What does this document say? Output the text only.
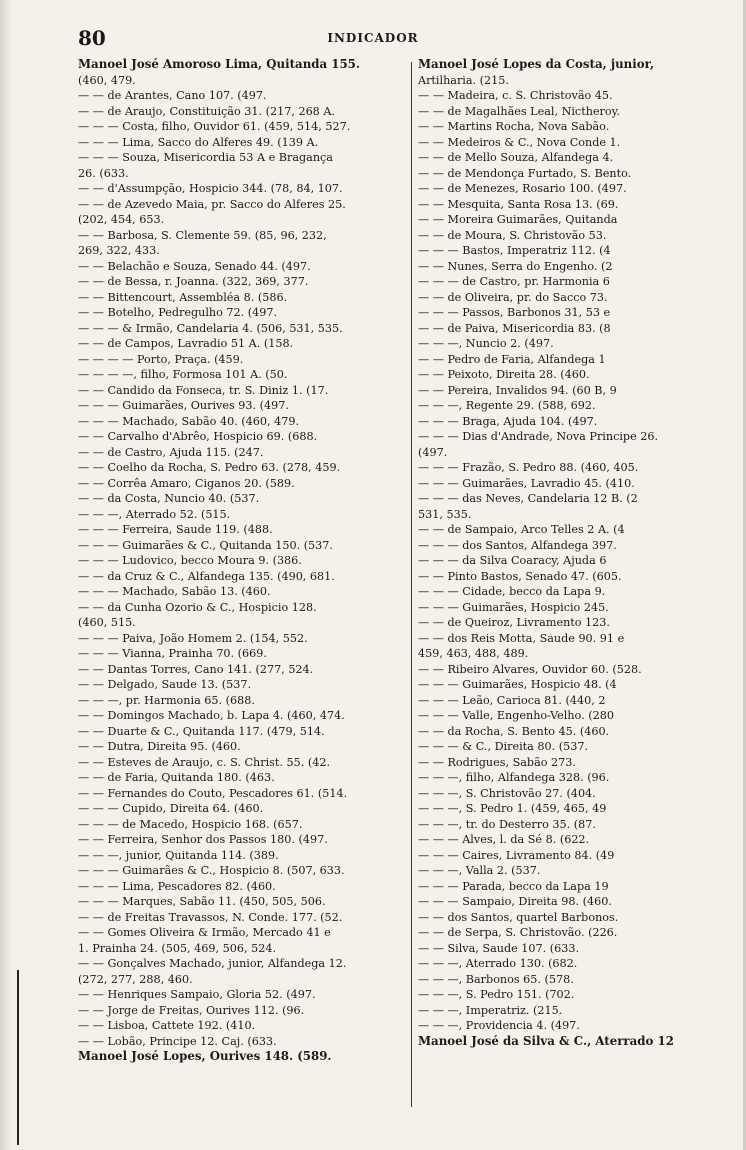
80	INDICADOR
Manoel José Amoroso Lima, Quitanda 155.
(460, 479.
— — de Arantes, Cano 107. (497.
— — de Araujo, Constituição 31. (217, 268 A.
— — — Costa, filho, Ouvidor 61. (459, 514, 527.
— — — Lima, Sacco do Alferes 49. (139 A.
— — — Souza, Misericordia 53 A e Bragança
26. (633.
— — d'Assumpção, Hospicio 344. (78, 84, 107.
— — de Azevedo Maia, pr. Sacco do Alferes 25.
(202, 454, 653.
— — Barbosa, S. Clemente 59. (85, 96, 232,
269, 322, 433.
— — Belachão e Souza, Senado 44. (497.
— — de Bessa, r. Joanna. (322, 369, 377.
— — Bittencourt, Assembléa 8. (586.
— — Botelho, Pedregulho 72. (497.
— — — & Irmão, Candelaria 4. (506, 531, 535.
— — de Campos, Lavradio 51 A. (158.
— — — — Porto, Praça. (459.
— — — —, filho, Formosa 101 A. (50.
— — Candido da Fonseca, tr. S. Diniz 1. (17.
— — — Guimarães, Ourives 93. (497.
— — — Machado, Sabão 40. (460, 479.
— — Carvalho d'Abrêo, Hospicio 69. (688.
— — de Castro, Ajuda 115. (247.
— — Coelho da Rocha, S. Pedro 63. (278, 459.
— — Corrêa Amaro, Ciganos 20. (589.
— — da Costa, Nuncio 40. (537.
— — —, Aterrado 52. (515.
— — — Ferreira, Saude 119. (488.
— — — Guimarães & C., Quitanda 150. (537.
— — — Ludovico, becco Moura 9. (386.
— — da Cruz & C., Alfandega 135. (490, 681.
— — — Machado, Sabão 13. (460.
— — da Cunha Ozorio & C., Hospicio 128.
(460, 515.
— — — Paiva, João Homem 2. (154, 552.
— — — Vianna, Prainha 70. (669.
— — Dantas Torres, Cano 141. (277, 524.
— — Delgado, Saude 13. (537.
— — —, pr. Harmonia 65. (688.
— — Domingos Machado, b. Lapa 4. (460, 474.
— — Duarte & C., Quitanda 117. (479, 514.
— — Dutra, Direita 95. (460.
— — Esteves de Araujo, c. S. Christ. 55. (42.
— — de Faria, Quitanda 180. (463.
— — Fernandes do Couto, Pescadores 61. (514.
— — — Cupido, Direita 64. (460.
— — — de Macedo, Hospicio 168. (657.
— — Ferreira, Senhor dos Passos 180. (497.
— — —, junior, Quitanda 114. (389.
— — — Guimarães & C., Hospicio 8. (507, 633.
— — — Lima, Pescadores 82. (460.
— — — Marques, Sabão 11. (450, 505, 506.
— — de Freitas Travassos, N. Conde. 177. (52.
— — Gomes Oliveira & Irmão, Mercado 41 e
1. Prainha 24. (505, 469, 506, 524.
— — Gonçalves Machado, junior, Alfandega 12.
(272, 277, 288, 460.
— — Henriques Sampaio, Gloria 52. (497.
— — Jorge de Freitas, Ourives 112. (96.
— — Lisboa, Cattete 192. (410.
— — Lobão, Principe 12. Caj. (633.
Manoel José Lopes, Ourives 148. (589.
Manoel José Lopes da Costa, junior,
Artilharia. (215.
— — Madeira, c. S. Christovão 45.
— — de Magalhães Leal, Nictheroy.
— — Martins Rocha, Nova Sabão.
— — Medeiros & C., Nova Conde 1.
— — de Mello Souza, Alfandega 4.
— — de Mendonça Furtado, S. Bento.
— — de Menezes, Rosario 100. (497.
— — Mesquita, Santa Rosa 13. (69.
— — Moreira Guimarães, Quitanda
— — de Moura, S. Christovão 53.
— — — Bastos, Imperatriz 112. (4
— — Nunes, Serra do Engenho. (2
— — — de Castro, pr. Harmonia 6
— — de Oliveira, pr. do Sacco 73.
— — — Passos, Barbonos 31, 53 e
— — de Paiva, Misericordia 83. (8
— — —, Nuncio 2. (497.
— — Pedro de Faria, Alfandega 1
— — Peixoto, Direita 28. (460.
— — Pereira, Invalidos 94. (60 B, 9
— — —, Regente 29. (588, 692.
— — — Braga, Ajuda 104. (497.
— — — Dias d'Andrade, Nova Principe 26.
(497.
— — — Frazão, S. Pedro 88. (460, 405.
— — — Guimarães, Lavradio 45. (410.
— — — das Neves, Candelaria 12 B. (2
531, 535.
— — de Sampaio, Arco Telles 2 A. (4
— — — dos Santos, Alfandega 397.
— — — da Silva Coaracy, Ajuda 6
— — Pinto Bastos, Senado 47. (605.
— — — Cidade, becco da Lapa 9.
— — — Guimarães, Hospicio 245.
— — de Queiroz, Livramento 123.
— — dos Reis Motta, Saude 90. 91 e
459, 463, 488, 489.
— — Ribeiro Alvares, Ouvidor 60. (528.
— — — Guimarães, Hospicio 48. (4
— — — Leão, Carioca 81. (440, 2
— — — Valle, Engenho-Velho. (280
— — da Rocha, S. Bento 45. (460.
— — — & C., Direita 80. (537.
— — Rodrigues, Sabão 273.
— — —, filho, Alfandega 328. (96.
— — —, S. Christovão 27. (404.
— — —, S. Pedro 1. (459, 465, 49
— — —, tr. do Desterro 35. (87.
— — — Alves, l. da Sé 8. (622.
— — — Caires, Livramento 84. (49
— — —, Valla 2. (537.
— — — Parada, becco da Lapa 19
— — — Sampaio, Direita 98. (460.
— — dos Santos, quartel Barbonos.
— — de Serpa, S. Christovão. (226.
— — Silva, Saude 107. (633.
— — —, Aterrado 130. (682.
— — —, Barbonos 65. (578.
— — —, S. Pedro 151. (702.
— — —, Imperatriz. (215.
— — —, Providencia 4. (497.
Manoel José da Silva & C., Aterrado 12
